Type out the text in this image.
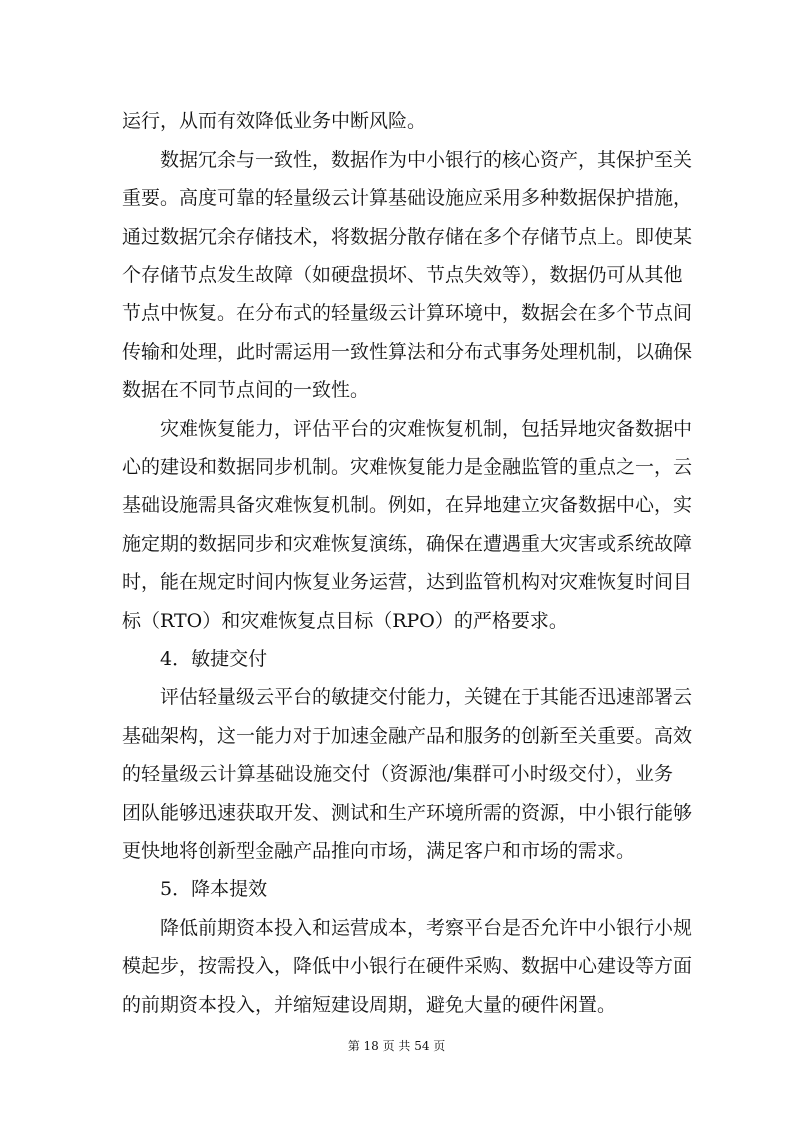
运行，从而有效降低业务中断风险。
数据冗余与一致性，数据作为中小银行的核心资产，其保护至关
重要。高度可靠的轻量级云计算基础设施应采用多种数据保护措施，
通过数据冗余存储技术，将数据分散存储在多个存储节点上。即使某
个存储节点发生故障（如硬盘损坏、节点失效等），数据仍可从其他
节点中恢复。在分布式的轻量级云计算环境中，数据会在多个节点间
传输和处理，此时需运用一致性算法和分布式事务处理机制，以确保
数据在不同节点间的一致性。
灾难恢复能力，评估平台的灾难恢复机制，包括异地灾备数据中
心的建设和数据同步机制。灾难恢复能力是金融监管的重点之一，云
基础设施需具备灾难恢复机制。例如，在异地建立灾备数据中心，实
施定期的数据同步和灾难恢复演练，确保在遭遇重大灾害或系统故障
时，能在规定时间内恢复业务运营，达到监管机构对灾难恢复时间目
标（RTO）和灾难恢复点目标（RPO）的严格要求。
4．敏捷交付
评估轻量级云平台的敏捷交付能力，关键在于其能否迅速部署云
基础架构，这一能力对于加速金融产品和服务的创新至关重要。高效
的轻量级云计算基础设施交付（资源池/集群可小时级交付），业务
团队能够迅速获取开发、测试和生产环境所需的资源，中小银行能够
更快地将创新型金融产品推向市场，满足客户和市场的需求。
5．降本提效
降低前期资本投入和运营成本，考察平台是否允许中小银行小规
模起步，按需投入，降低中小银行在硬件采购、数据中心建设等方面
的前期资本投入，并缩短建设周期，避免大量的硬件闲置。
第 18 页 共 54 页
